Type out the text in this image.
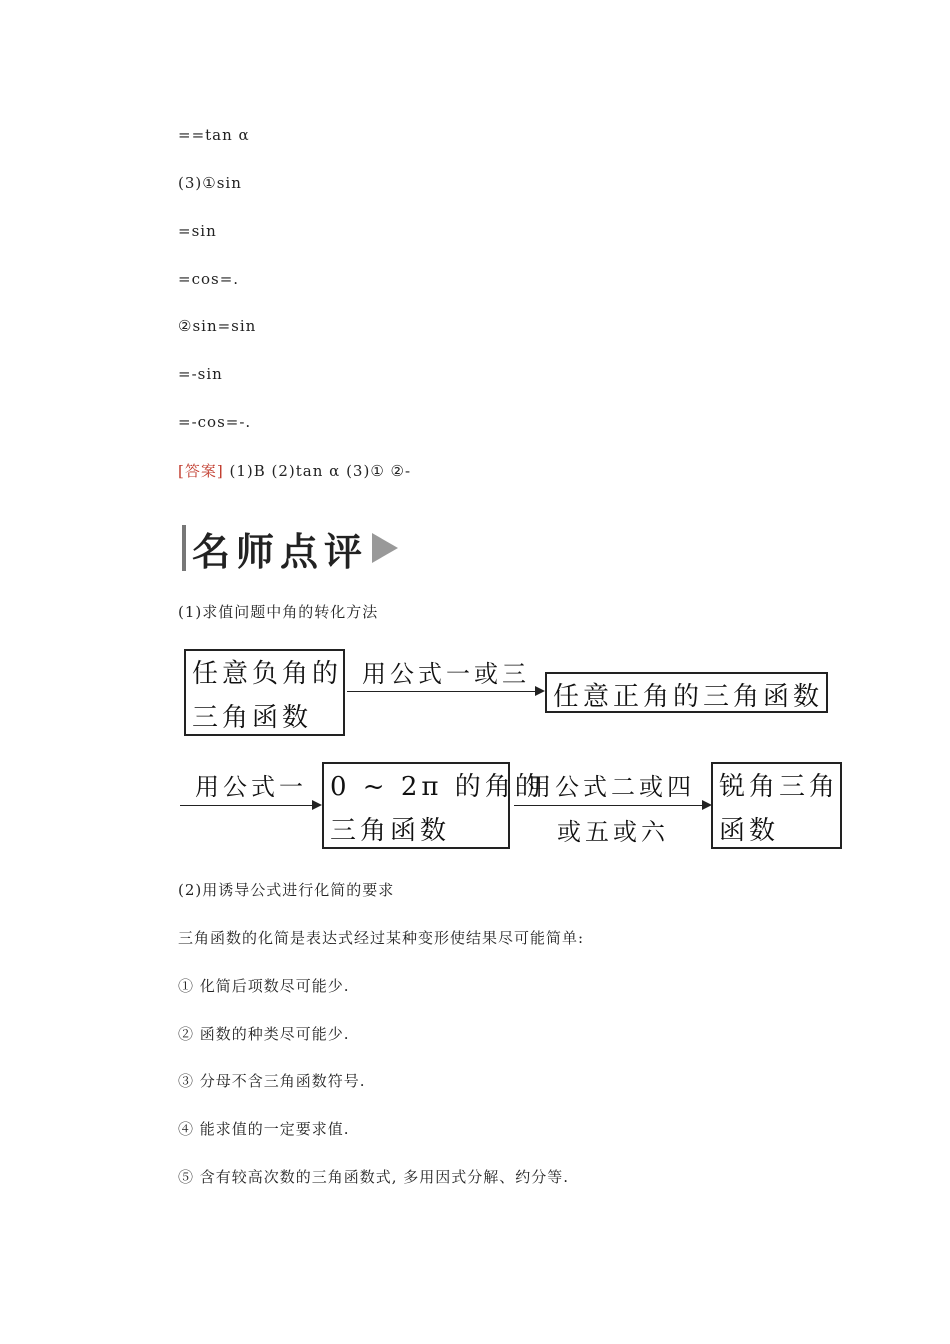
==tan α
(3)①sin
=sin
=cos=.
②sin=sin
=-sin
=-cos=-.
[答案] (1)B (2)tan α (3)① ②-
名师点评
(1)求值问题中角的转化方法
任意负角的
三角函数
用公式一或三
任意正角的三角函数
用公式一 0 ~ 2π 的角的
三角函数
用公式二或四
或五或六
锐角三角
函数
(2)用诱导公式进行化简的要求
三角函数的化简是表达式经过某种变形使结果尽可能简单:
① 化简后项数尽可能少.
② 函数的种类尽可能少.
③ 分母不含三角函数符号.
④ 能求值的一定要求值.
⑤ 含有较高次数的三角函数式, 多用因式分解、约分等.
